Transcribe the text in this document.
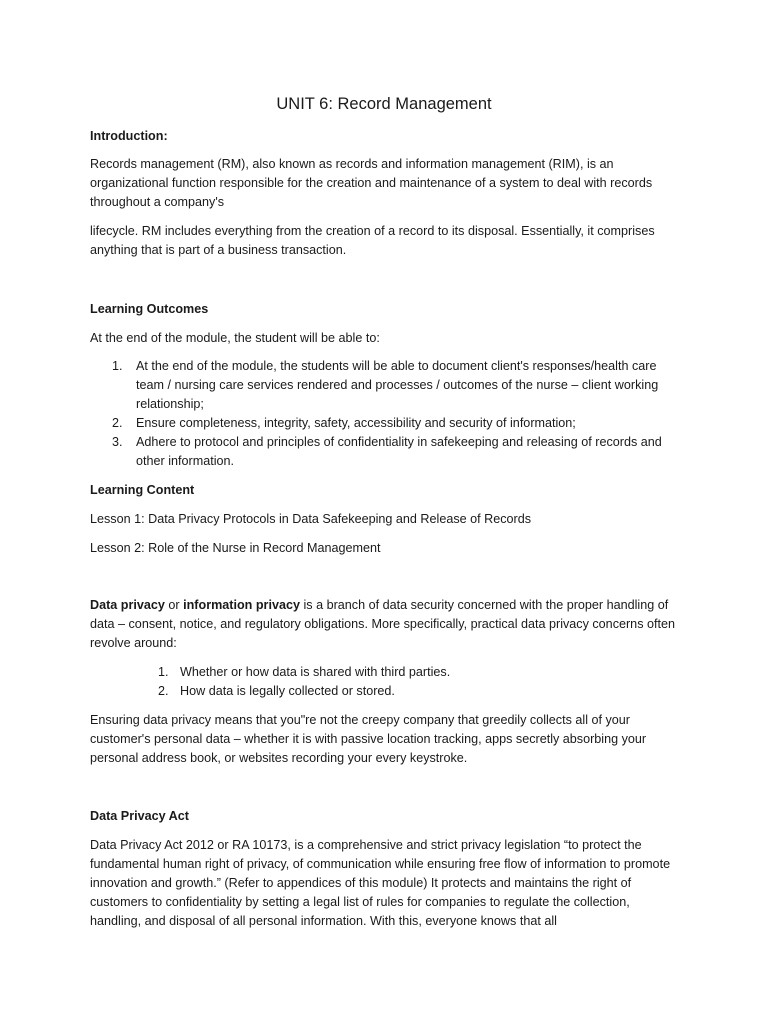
UNIT 6: Record Management

Introduction:

Records management (RM), also known as records and information management (RIM), is an organizational function responsible for the creation and maintenance of a system to deal with records throughout a company's

lifecycle. RM includes everything from the creation of a record to its disposal. Essentially, it comprises anything that is part of a business transaction.

Learning Outcomes

At the end of the module, the student will be able to:

1. At the end of the module, the students will be able to document client's responses/health care team / nursing care services rendered and processes / outcomes of the nurse – client working relationship;
2. Ensure completeness, integrity, safety, accessibility and security of information;
3. Adhere to protocol and principles of confidentiality in safekeeping and releasing of records and other information.

Learning Content

Lesson 1: Data Privacy Protocols in Data Safekeeping and Release of Records

Lesson 2: Role of the Nurse in Record Management

Data privacy or information privacy is a branch of data security concerned with the proper handling of data – consent, notice, and regulatory obligations. More specifically, practical data privacy concerns often revolve around:

1. Whether or how data is shared with third parties.
2. How data is legally collected or stored.

Ensuring data privacy means that you"re not the creepy company that greedily collects all of your customer's personal data – whether it is with passive location tracking, apps secretly absorbing your personal address book, or websites recording your every keystroke.

Data Privacy Act

Data Privacy Act 2012 or RA 10173, is a comprehensive and strict privacy legislation “to protect the fundamental human right of privacy, of communication while ensuring free flow of information to promote innovation and growth.” (Refer to appendices of this module) It protects and maintains the right of customers to confidentiality by setting a legal list of rules for companies to regulate the collection, handling, and disposal of all personal information. With this, everyone knows that all
